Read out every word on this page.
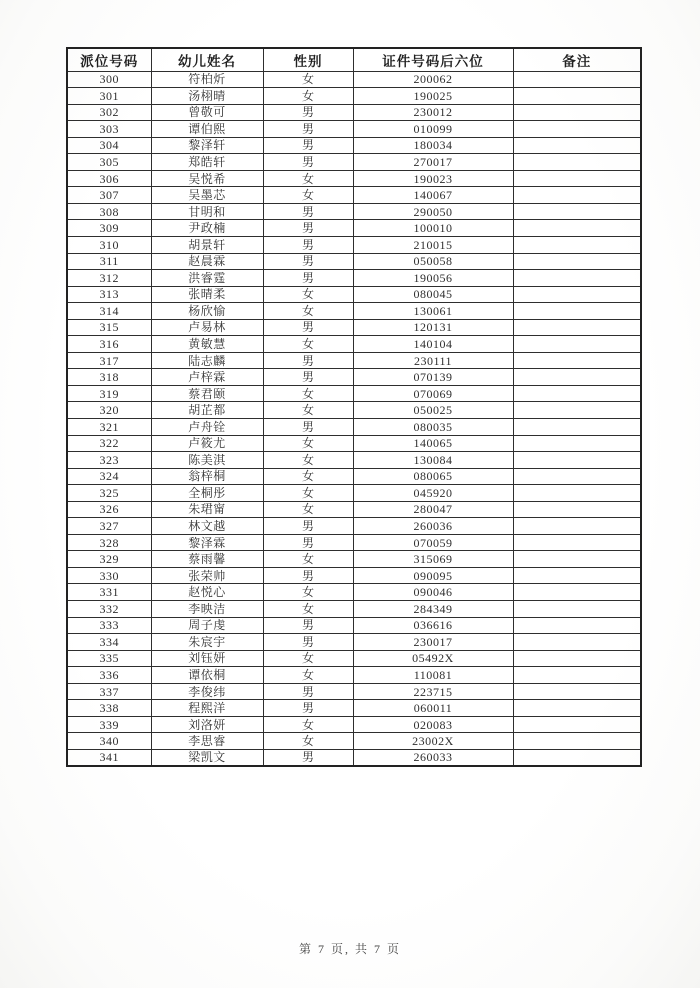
派位号码	幼儿姓名	性别	证件号码后六位	备注
300	符柏炘	女	200062	
301	汤栩晴	女	190025	
302	曾敬可	男	230012	
303	谭伯熙	男	010099	
304	黎泽轩	男	180034	
305	郑皓轩	男	270017	
306	吴悦希	女	190023	
307	吴墨芯	女	140067	
308	甘明和	男	290050	
309	尹政楠	男	100010	
310	胡景轩	男	210015	
311	赵晨霖	男	050058	
312	洪睿霆	男	190056	
313	张晴柔	女	080045	
314	杨欣愉	女	130061	
315	卢易林	男	120131	
316	黄敏慧	女	140104	
317	陆志麟	男	230111	
318	卢梓霖	男	070139	
319	蔡君颐	女	070069	
320	胡芷都	女	050025	
321	卢舟铨	男	080035	
322	卢筱尤	女	140065	
323	陈美淇	女	130084	
324	翁梓桐	女	080065	
325	全桐彤	女	045920	
326	朱珺甯	女	280047	
327	林文越	男	260036	
328	黎泽霖	男	070059	
329	蔡雨馨	女	315069	
330	张荣帅	男	090095	
331	赵悦心	女	090046	
332	李映洁	女	284349	
333	周子虔	男	036616	
334	朱宸宇	男	230017	
335	刘钰妍	女	05492X	
336	谭依桐	女	110081	
337	李俊纬	男	223715	
338	程熙洋	男	060011	
339	刘洛妍	女	020083	
340	李思睿	女	23002X	
341	梁凯文	男	260033	
第 7 页, 共 7 页
